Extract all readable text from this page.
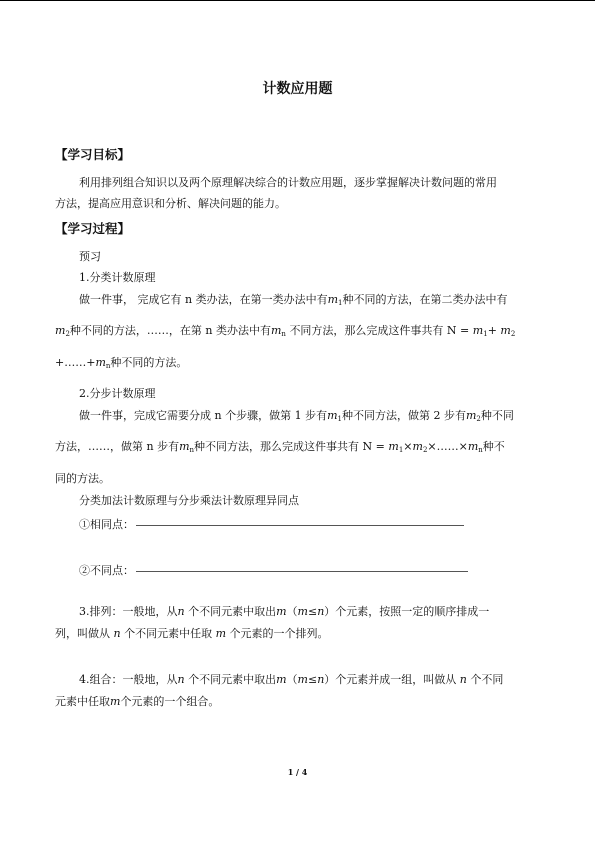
计数应用题
【学习目标】
利用排列组合知识以及两个原理解决综合的计数应用题，逐步掌握解决计数问题的常用
方法，提高应用意识和分析、解决问题的能力。
【学习过程】
预习
1.分类计数原理
做一件事， 完成它有 n 类办法，在第一类办法中有$m_1$种不同的方法，在第二类办法中有
$m_2$种不同的方法，……，在第 n 类办法中有$m_n$ 不同方法，那么完成这件事共有 $N = m_1+ m_2$
$+\dots\dots+m_n$种不同的方法。
2.分步计数原理
做一件事，完成它需要分成 n 个步骤，做第 1 步有$m_1$种不同方法，做第 2 步有$m_2$种不同
方法，……，做第 n 步有$m_n$种不同方法，那么完成这件事共有 $N = m_1\times m_2\times\dots\dots\times m_n$种不
同的方法。
分类加法计数原理与分步乘法计数原理异同点
①相同点：
②不同点：
3.排列：一般地，从n 个不同元素中取出m（m≤n）个元素，按照一定的顺序排成一
列，叫做从 n 个不同元素中任取 m 个元素的一个排列。
4.组合：一般地，从n 个不同元素中取出m（m≤n）个元素并成一组，叫做从 n 个不同
元素中任取m个元素的一个组合。
1 / 4
